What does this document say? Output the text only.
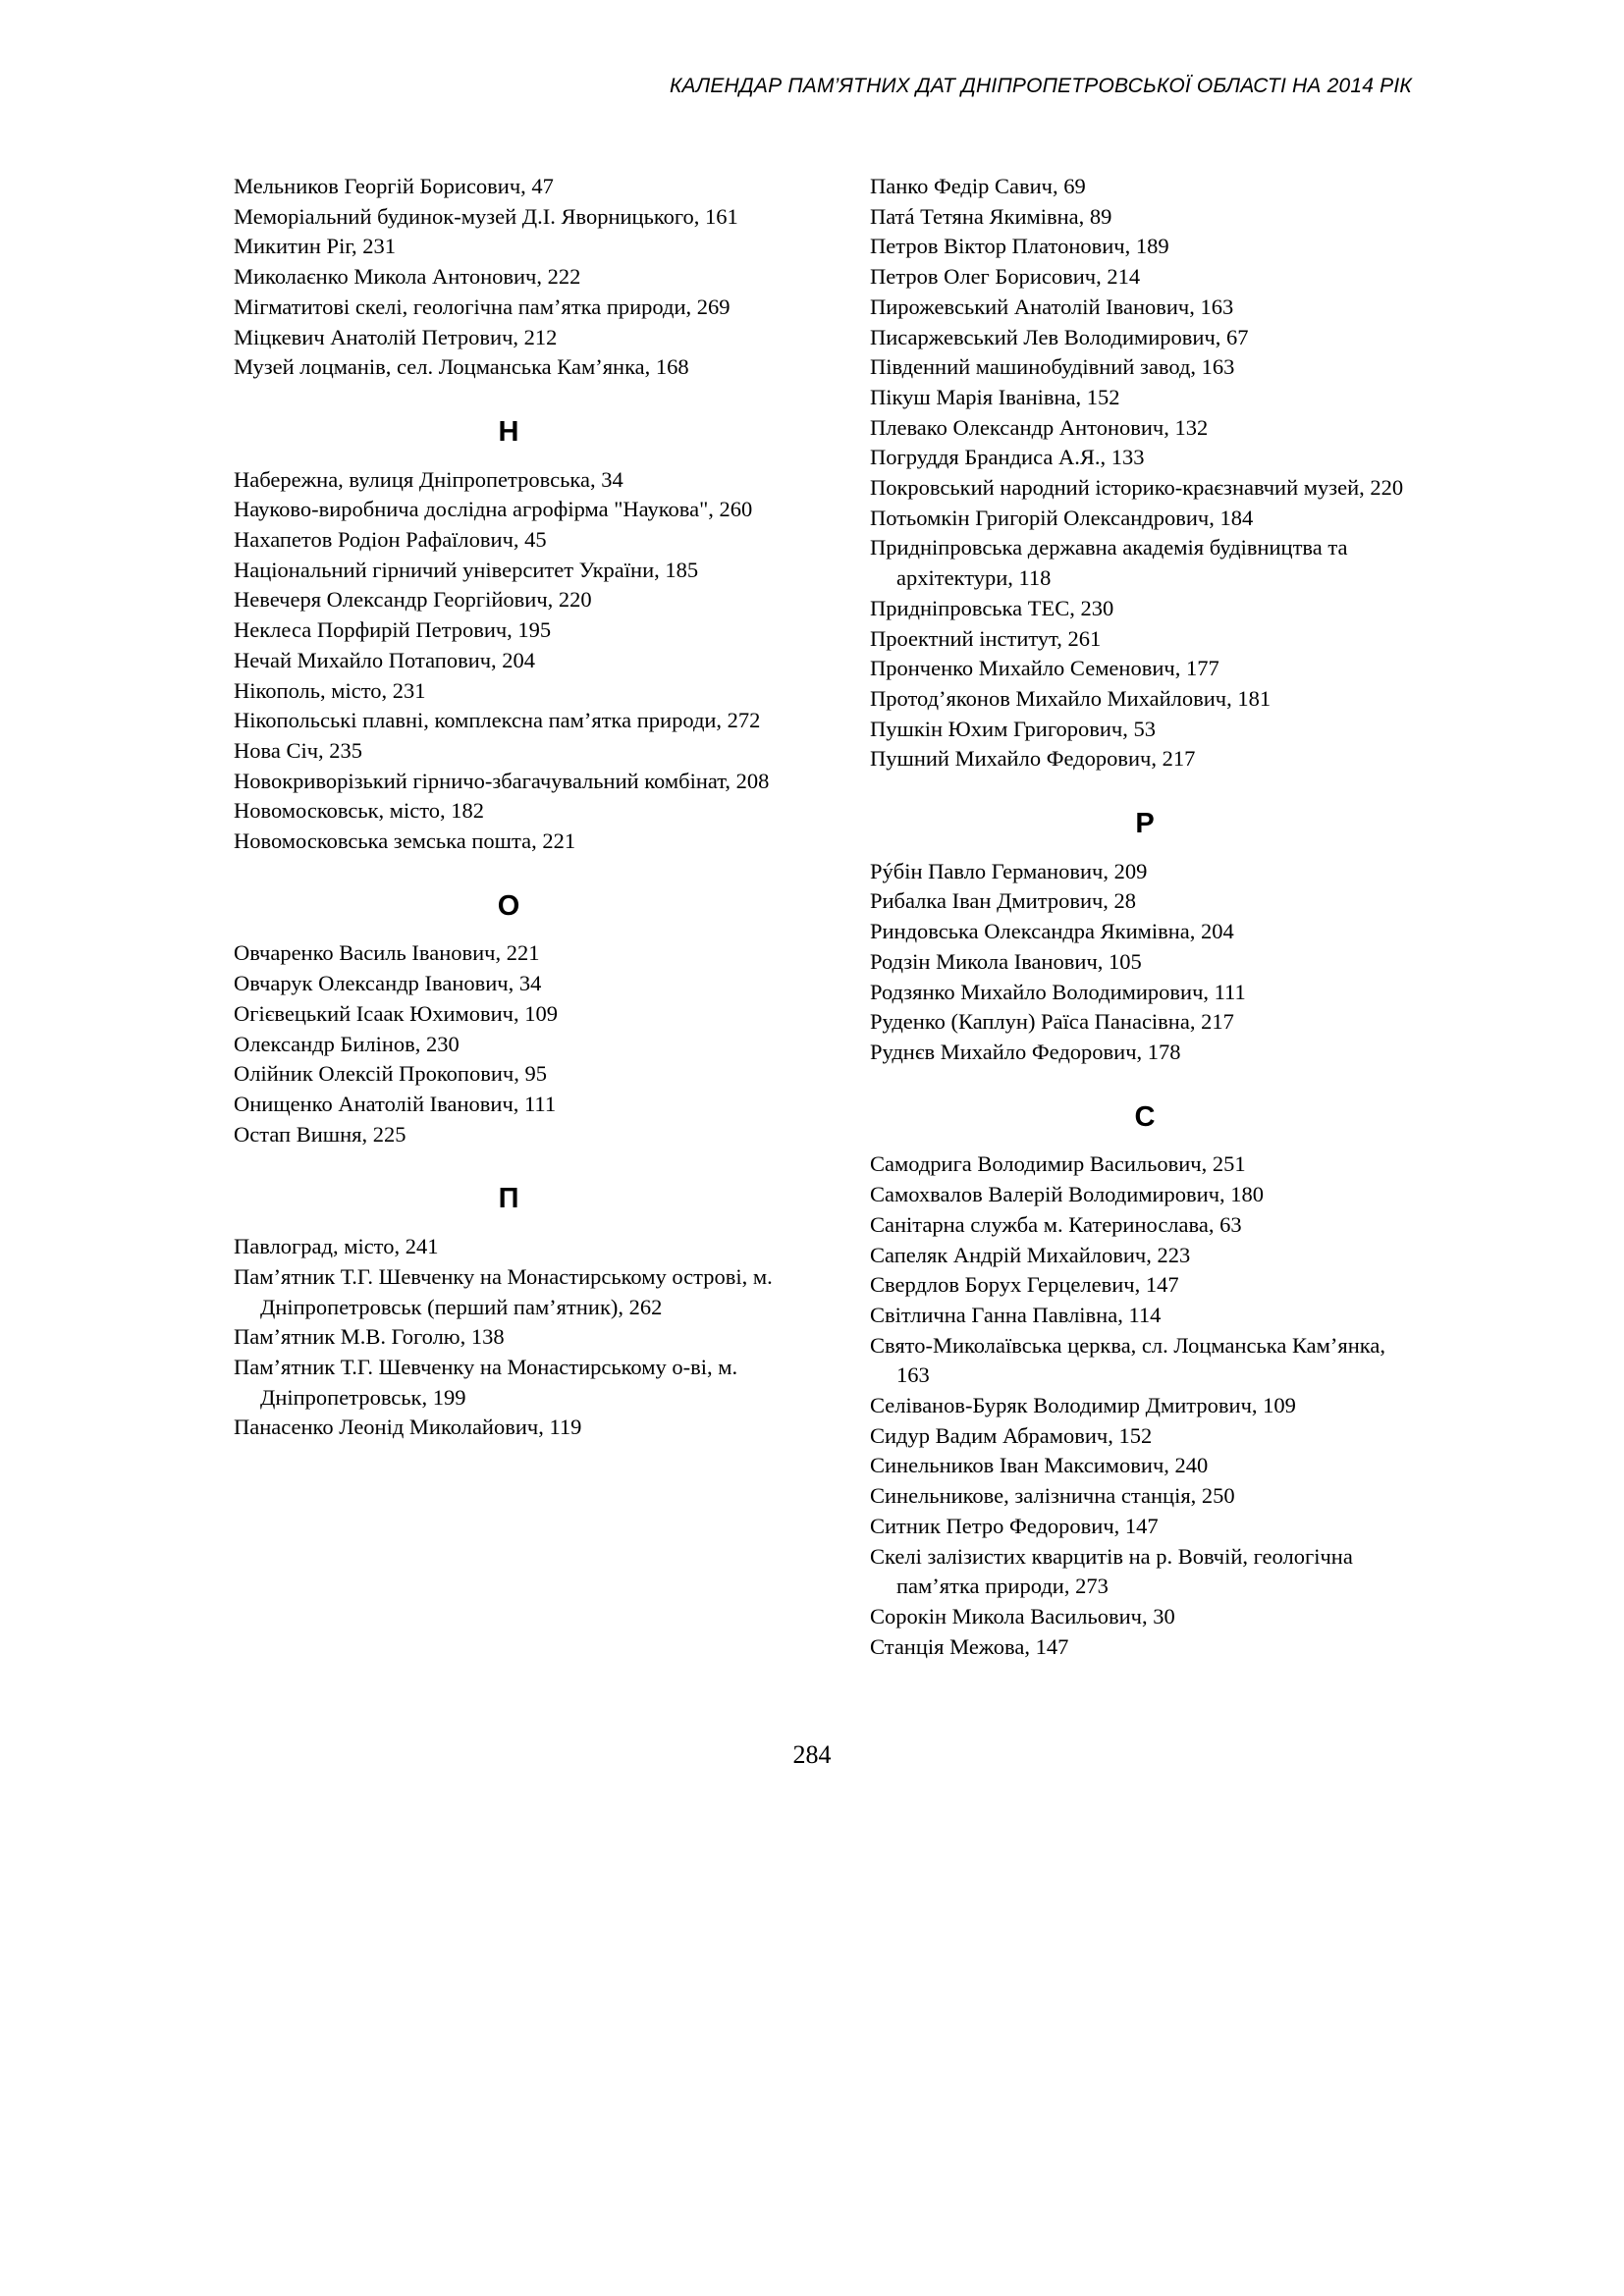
КАЛЕНДАР ПАМ’ЯТНИХ ДАТ ДНІПРОПЕТРОВСЬКОЇ ОБЛАСТІ НА 2014 РІК

Мельников Георгій Борисович, 47

Меморіальний будинок-музей Д.І. Яворницького, 161

Микитин Ріг, 231

Миколаєнко Микола Антонович, 222

Мігматитові скелі, геологічна пам’ятка природи, 269

Міцкевич Анатолій Петрович, 212

Музей лоцманів, сел. Лоцманська Кам’янка, 168

Н

Набережна, вулиця Дніпропетровська, 34

Науково-виробнича дослідна агрофірма "Наукова", 260

Нахапетов Родіон Рафаїлович, 45

Національний гірничий університет України, 185

Невечеря Олександр Георгійович, 220

Неклеса Порфирій Петрович, 195

Нечай Михайло Потапович, 204

Нікополь, місто, 231

Нікопольські плавні, комплексна пам’ятка природи, 272

Нова Січ, 235

Новокриворізький гірничо-збагачувальний комбінат, 208

Новомосковськ, місто, 182

Новомосковська земська пошта, 221

О

Овчаренко Василь Іванович, 221

Овчарук Олександр Іванович, 34

Огієвецький Ісаак Юхимович, 109

Олександр Билінов, 230

Олійник Олексій Прокопович, 95

Онищенко Анатолій Іванович, 111

Остап Вишня, 225

П

Павлоград, місто, 241

Пам’ятник Т.Г. Шевченку на Монастирському острові, м. Дніпропетровськ (перший пам’ятник), 262

Пам’ятник М.В. Гоголю, 138

Пам’ятник Т.Г. Шевченку на Монастирському о-ві, м. Дніпропетровськ, 199

Панасенко Леонід Миколайович, 119

Панко Федір Савич, 69

Патá Тетяна Якимівна, 89

Петров Віктор Платонович, 189

Петров Олег Борисович, 214

Пирожевський Анатолій Іванович, 163

Писаржевський Лев Володимирович, 67

Південний машинобудівний завод, 163

Пікуш Марія Іванівна, 152

Плевако Олександр Антонович, 132

Погруддя Брандиса А.Я., 133

Покровський народний історико-краєзнавчий музей, 220

Потьомкін Григорій Олександрович, 184

Придніпровська державна академія будівництва та архітектури, 118

Придніпровська ТЕС, 230

Проектний інститут, 261

Пронченко Михайло Семенович, 177

Протод’яконов Михайло Михайлович, 181

Пушкін Юхим Григорович, 53

Пушний Михайло Федорович, 217

Р

Рýбін Павло Германович, 209

Рибалка Іван Дмитрович, 28

Риндовська Олександра Якимівна, 204

Родзін Микола Іванович, 105

Родзянко Михайло Володимирович, 111

Руденко (Каплун) Раїса Панасівна, 217

Руднєв Михайло Федорович, 178

С

Самодрига Володимир Васильович, 251

Самохвалов Валерій Володимирович, 180

Санітарна служба м. Катеринослава, 63

Сапеляк Андрій Михайлович, 223

Свердлов Борух Герцелевич, 147

Світлична Ганна Павлівна, 114

Свято-Миколаївська церква, сл. Лоцманська Кам’янка, 163

Селіванов-Буряк Володимир Дмитрович, 109

Сидур Вадим Абрамович, 152

Синельников Іван Максимович, 240

Синельникове, залізнична станція, 250

Ситник Петро Федорович, 147

Скелі залізистих кварцитів на р. Вовчій, геологічна пам’ятка природи, 273

Сорокін Микола Васильович, 30

Станція Межова, 147

284
